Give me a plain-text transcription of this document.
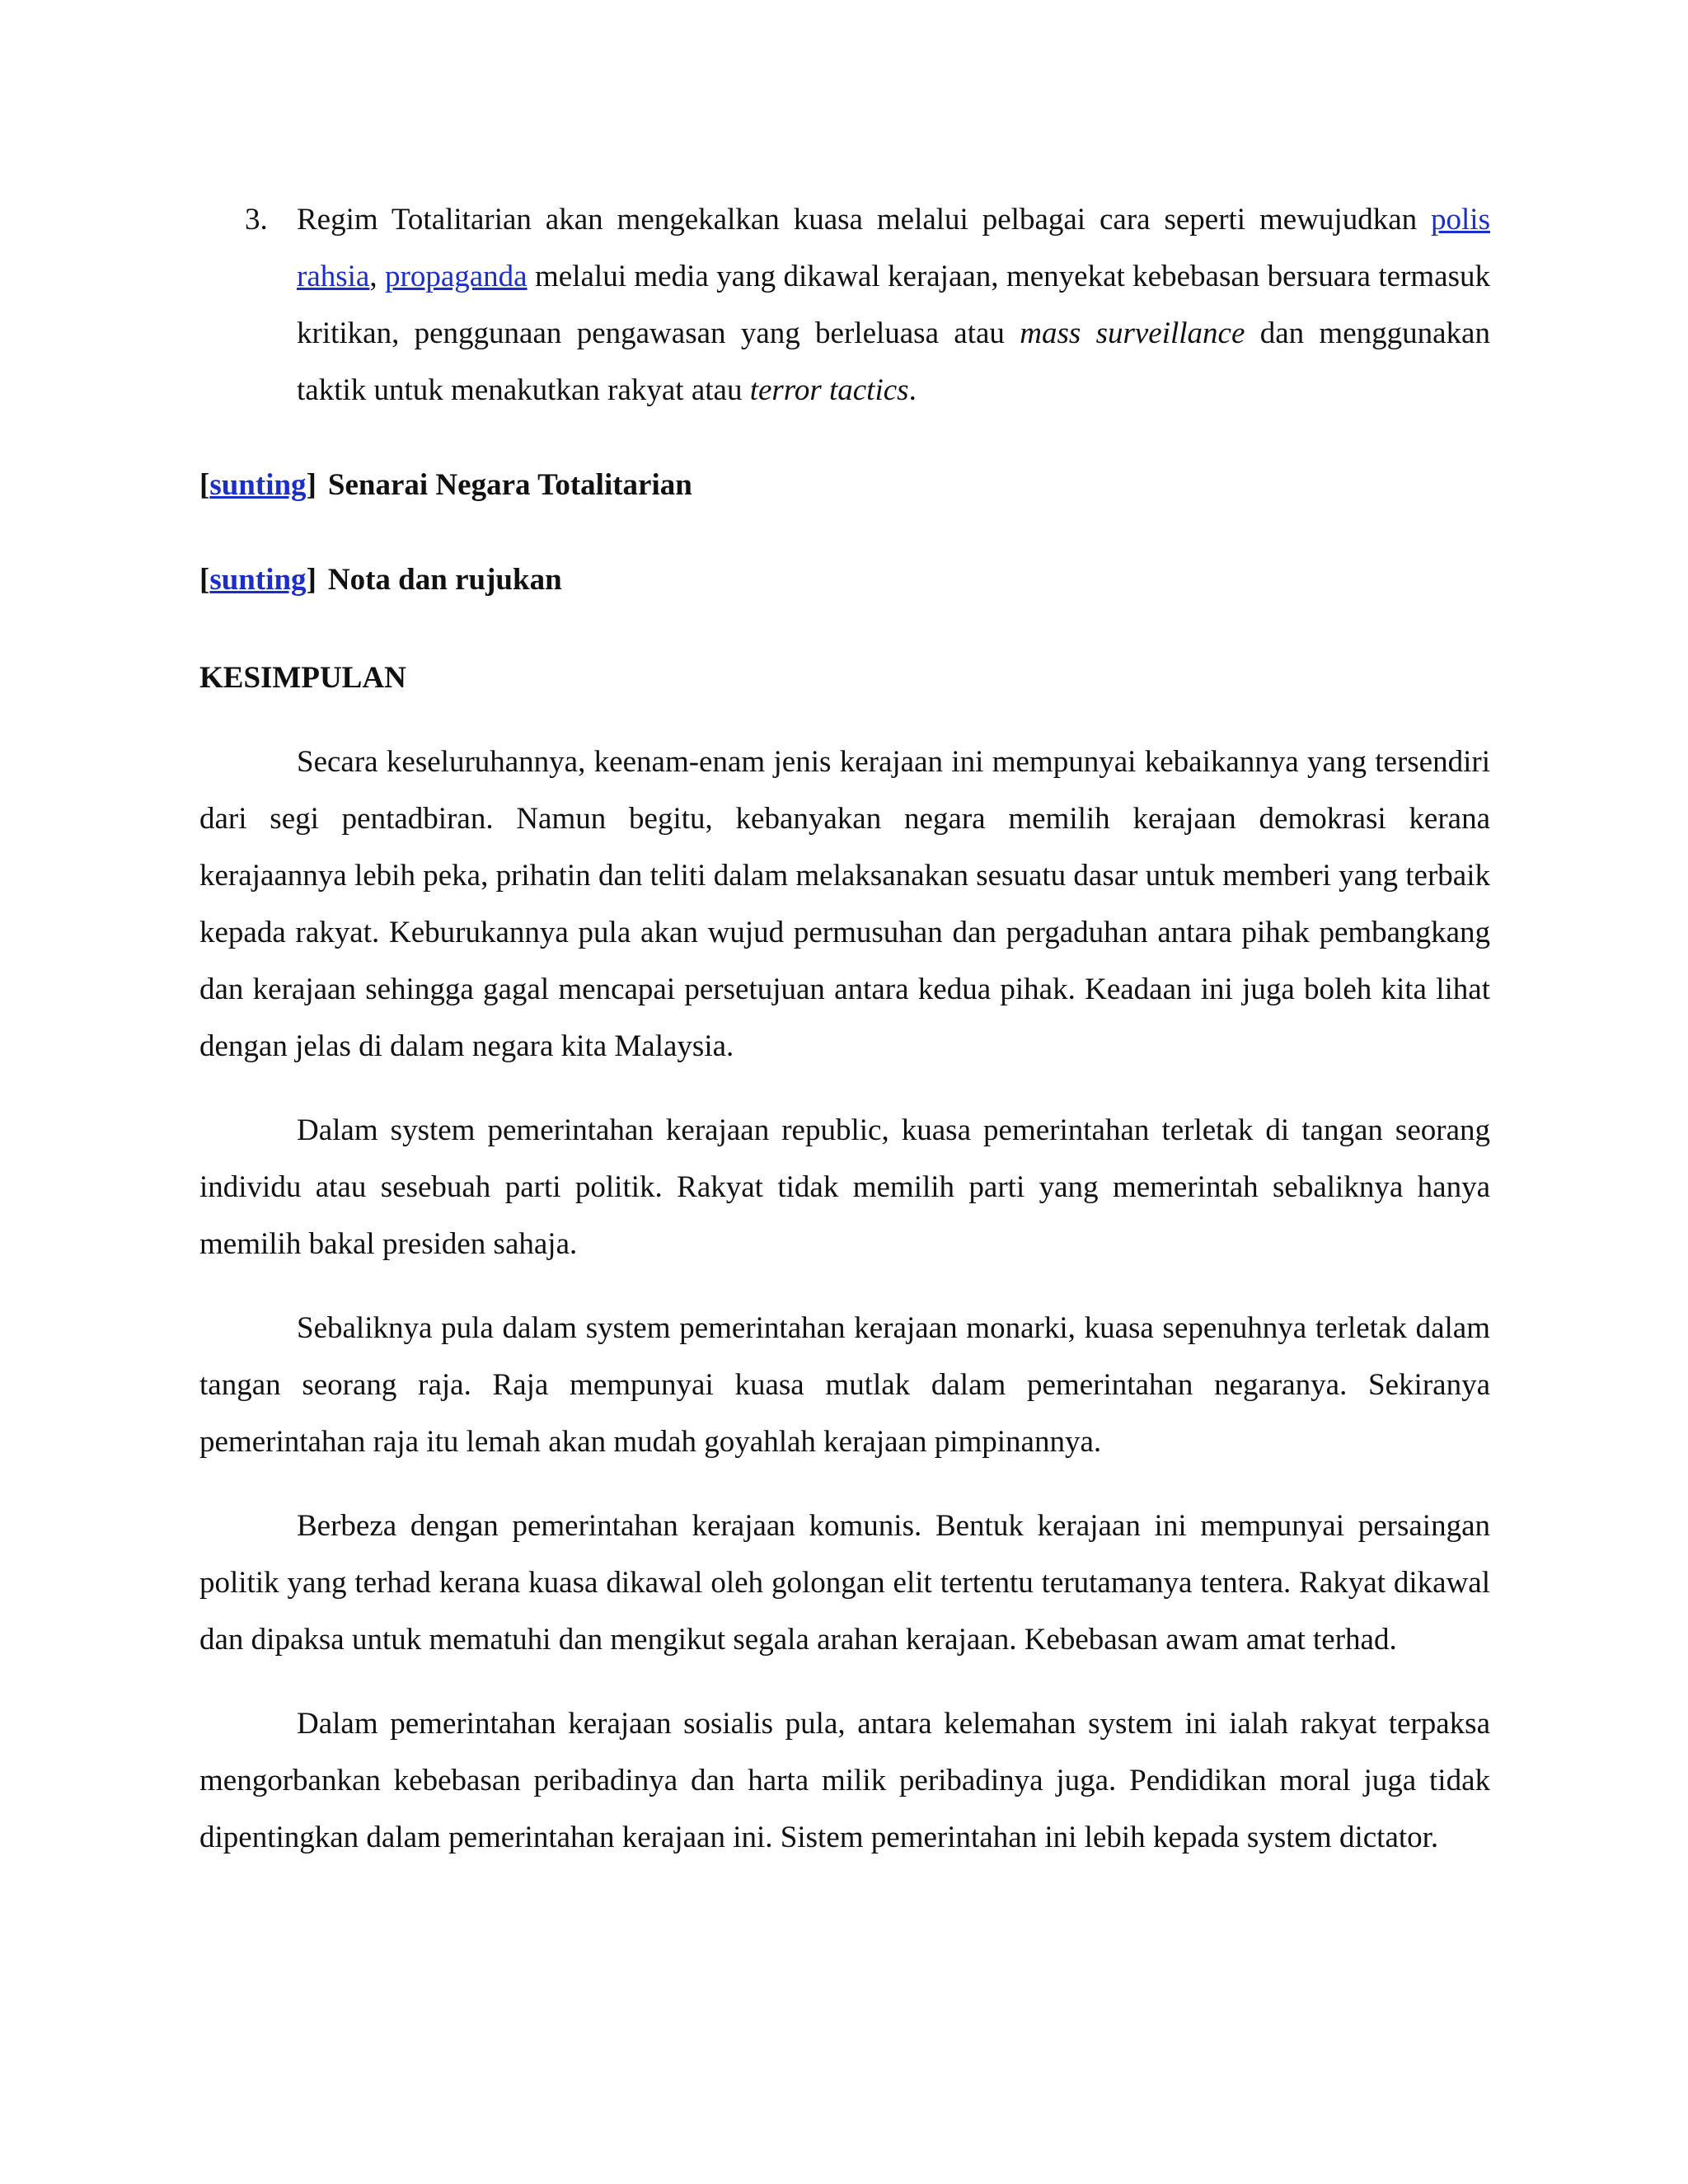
3. Regim Totalitarian akan mengekalkan kuasa melalui pelbagai cara seperti mewujudkan polis rahsia, propaganda melalui media yang dikawal kerajaan, menyekat kebebasan bersuara termasuk kritikan, penggunaan pengawasan yang berleluasa atau mass surveillance dan menggunakan taktik untuk menakutkan rakyat atau terror tactics.
[sunting] Senarai Negara Totalitarian
[sunting] Nota dan rujukan
KESIMPULAN

Secara keseluruhannya, keenam-enam jenis kerajaan ini mempunyai kebaikannya yang tersendiri dari segi pentadbiran. Namun begitu, kebanyakan negara memilih kerajaan demokrasi kerana kerajaannya lebih peka, prihatin dan teliti dalam melaksanakan sesuatu dasar untuk memberi yang terbaik kepada rakyat. Keburukannya pula akan wujud permusuhan dan pergaduhan antara pihak pembangkang dan kerajaan sehingga gagal mencapai persetujuan antara kedua pihak. Keadaan ini juga boleh kita lihat dengan jelas di dalam negara kita Malaysia.

Dalam system pemerintahan kerajaan republic, kuasa pemerintahan terletak di tangan seorang individu atau sesebuah parti politik. Rakyat tidak memilih parti yang memerintah sebaliknya hanya memilih bakal presiden sahaja.

Sebaliknya pula dalam system pemerintahan kerajaan monarki, kuasa sepenuhnya terletak dalam tangan seorang raja. Raja mempunyai kuasa mutlak dalam pemerintahan negaranya. Sekiranya pemerintahan raja itu lemah akan mudah goyahlah kerajaan pimpinannya.

Berbeza dengan pemerintahan kerajaan komunis. Bentuk kerajaan ini mempunyai persaingan politik yang terhad kerana kuasa dikawal oleh golongan elit tertentu terutamanya tentera. Rakyat dikawal dan dipaksa untuk mematuhi dan mengikut segala arahan kerajaan. Kebebasan awam amat terhad.

Dalam pemerintahan kerajaan sosialis pula, antara kelemahan system ini ialah rakyat terpaksa mengorbankan kebebasan peribadinya dan harta milik peribadinya juga. Pendidikan moral juga tidak dipentingkan dalam pemerintahan kerajaan ini. Sistem pemerintahan ini lebih kepada system dictator.
